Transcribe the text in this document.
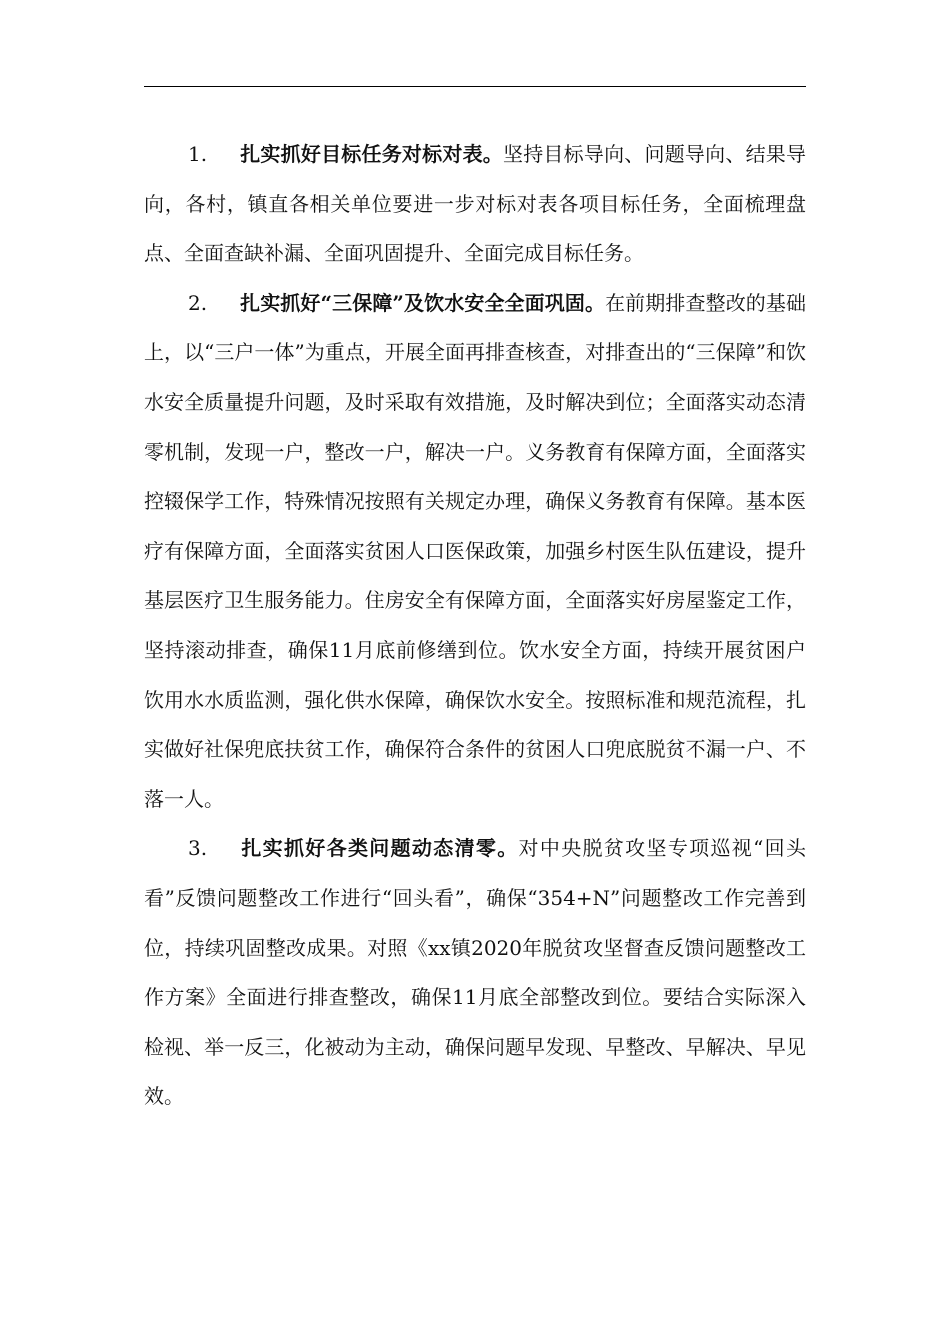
1. 扎实抓好目标任务对标对表。坚持目标导向、问题导向、结果导向，各村，镇直各相关单位要进一步对标对表各项目标任务，全面梳理盘点、全面查缺补漏、全面巩固提升、全面完成目标任务。

2. 扎实抓好“三保障”及饮水安全全面巩固。在前期排查整改的基础上，以“三户一体”为重点，开展全面再排查核查，对排查出的“三保障”和饮水安全质量提升问题，及时采取有效措施，及时解决到位；全面落实动态清零机制，发现一户，整改一户，解决一户。义务教育有保障方面，全面落实控辍保学工作，特殊情况按照有关规定办理，确保义务教育有保障。基本医疗有保障方面，全面落实贫困人口医保政策，加强乡村医生队伍建设，提升基层医疗卫生服务能力。住房安全有保障方面，全面落实好房屋鉴定工作，坚持滚动排查，确保11月底前修缮到位。饮水安全方面，持续开展贫困户饮用水水质监测，强化供水保障，确保饮水安全。按照标准和规范流程，扎实做好社保兜底扶贫工作，确保符合条件的贫困人口兜底脱贫不漏一户、不落一人。

3. 扎实抓好各类问题动态清零。对中央脱贫攻坚专项巡视“回头看”反馈问题整改工作进行“回头看”，确保“354+N”问题整改工作完善到位，持续巩固整改成果。对照《xx镇2020年脱贫攻坚督查反馈问题整改工作方案》全面进行排查整改，确保11月底全部整改到位。要结合实际深入检视、举一反三，化被动为主动，确保问题早发现、早整改、早解决、早见效。
